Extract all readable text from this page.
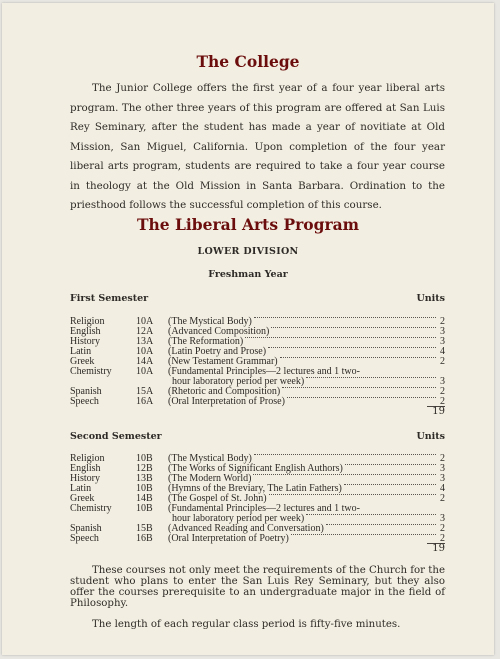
The College
The Junior College offers the first year of a four year liberal arts program. The other three years of this program are offered at San Luis Rey Seminary, after the student has made a year of novitiate at Old Mission, San Miguel, California. Upon completion of the four year liberal arts program, students are required to take a four year course in theology at the Old Mission in Santa Barbara. Ordination to the priesthood follows the successful completion of this course.
The Liberal Arts Program
LOWER DIVISION
Freshman Year
First Semester	Units
Religion	10A (The Mystical Body)	2
English	12A (Advanced Composition)	3
History	13A (The Reformation)	3
Latin	10A (Latin Poetry and Prose)	4
Greek	14A (New Testament Grammar)	2
Chemistry 10A (Fundamental Principles—2 lectures and 1 two-
hour laboratory period per week)	3
Spanish	15A (Rhetoric and Composition)	2
Speech	16A (Oral Interpretation of Prose)	2
19
Second Semester	Units
Religion	10B (The Mystical Body)	2
English	12B (The Works of Significant English Authors)	3
History	13B (The Modern World)	3
Latin	10B (Hymns of the Breviary, The Latin Fathers)	4
Greek	14B (The Gospel of St. John)	2
Chemistry 10B (Fundamental Principles—2 lectures and 1 two-
hour laboratory period per week)	3
Spanish	15B (Advanced Reading and Conversation)	2
Speech	16B (Oral Interpretation of Poetry)	2
19
These courses not only meet the requirements of the Church for the student who plans to enter the San Luis Rey Seminary, but they also offer the courses prerequisite to an undergraduate major in the field of Philosophy.
The length of each regular class period is fifty-five minutes.
